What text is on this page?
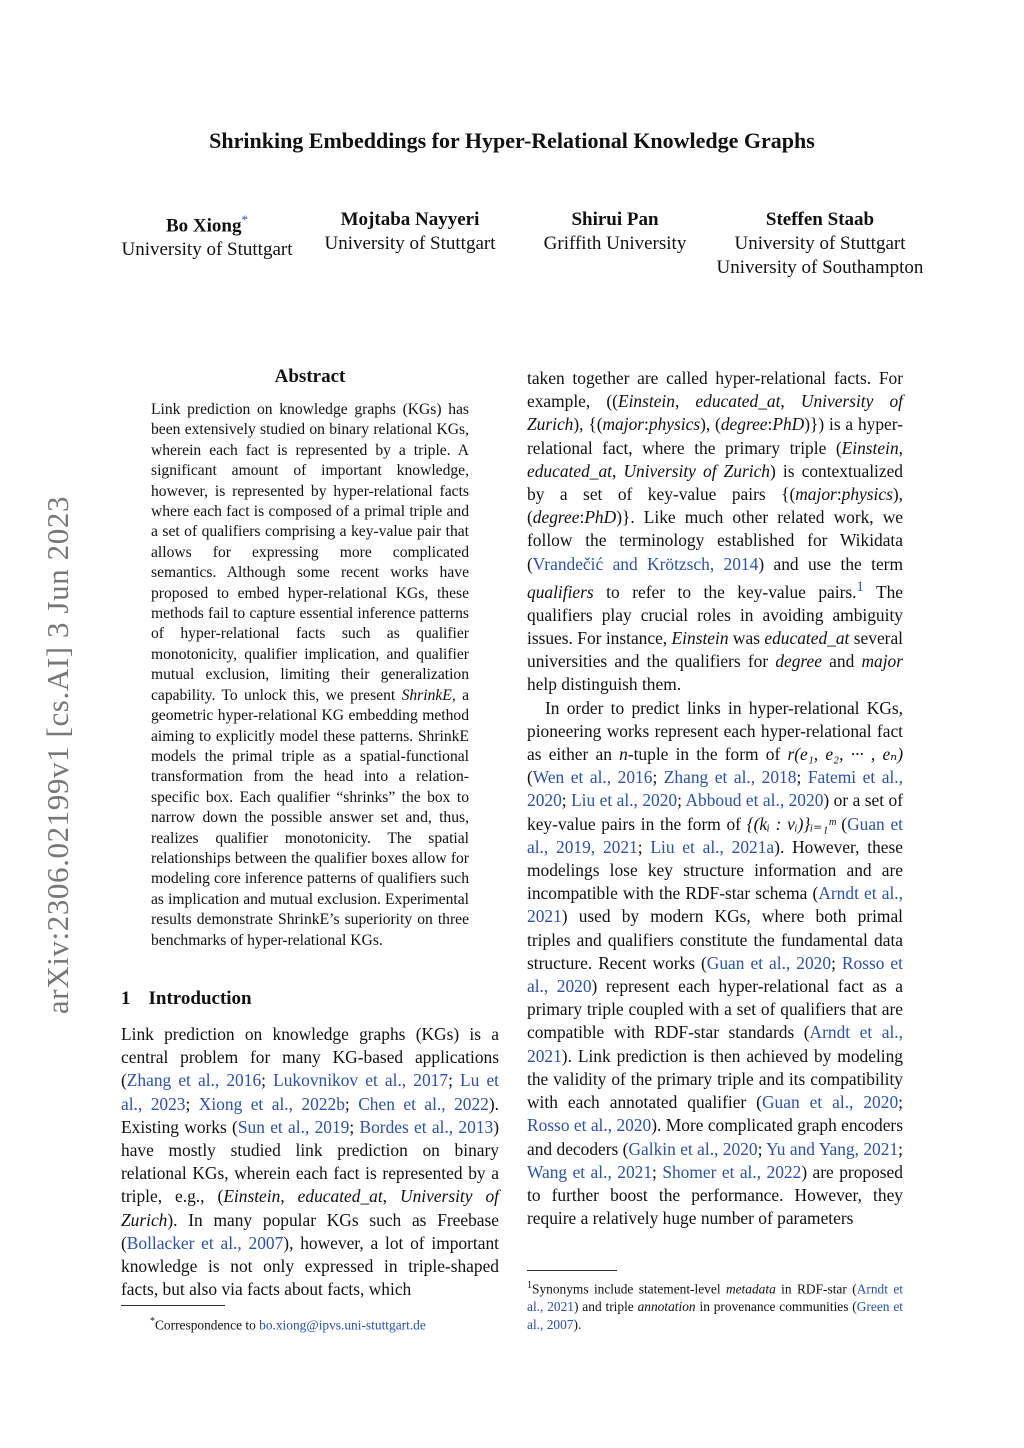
Shrinking Embeddings for Hyper-Relational Knowledge Graphs
Bo Xiong*
University of Stuttgart
Mojtaba Nayyeri
University of Stuttgart
Shirui Pan
Griffith University
Steffen Staab
University of Stuttgart
University of Southampton
arXiv:2306.02199v1 [cs.AI] 3 Jun 2023
Abstract
Link prediction on knowledge graphs (KGs) has been extensively studied on binary relational KGs, wherein each fact is represented by a triple. A significant amount of important knowledge, however, is represented by hyper-relational facts where each fact is composed of a primal triple and a set of qualifiers comprising a key-value pair that allows for expressing more complicated semantics. Although some recent works have proposed to embed hyper-relational KGs, these methods fail to capture essential inference patterns of hyper-relational facts such as qualifier monotonicity, qualifier implication, and qualifier mutual exclusion, limiting their generalization capability. To unlock this, we present ShrinkE, a geometric hyper-relational KG embedding method aiming to explicitly model these patterns. ShrinkE models the primal triple as a spatial-functional transformation from the head into a relation-specific box. Each qualifier “shrinks” the box to narrow down the possible answer set and, thus, realizes qualifier monotonicity. The spatial relationships between the qualifier boxes allow for modeling core inference patterns of qualifiers such as implication and mutual exclusion. Experimental results demonstrate ShrinkE’s superiority on three benchmarks of hyper-relational KGs.
1 Introduction

Link prediction on knowledge graphs (KGs) is a central problem for many KG-based applications (Zhang et al., 2016; Lukovnikov et al., 2017; Lu et al., 2023; Xiong et al., 2022b; Chen et al., 2022). Existing works (Sun et al., 2019; Bordes et al., 2013) have mostly studied link prediction on binary relational KGs, wherein each fact is represented by a triple, e.g., (Einstein, educated_at, University of Zurich). In many popular KGs such as Freebase (Bollacker et al., 2007), however, a lot of important knowledge is not only expressed in triple-shaped facts, but also via facts about facts, which

taken together are called hyper-relational facts. For example, ((Einstein, educated_at, University of Zurich), {(major:physics), (degree:PhD)}) is a hyper-relational fact, where the primary triple (Einstein, educated_at, University of Zurich) is contextualized by a set of key-value pairs {(major:physics),(degree:PhD)}. Like much other related work, we follow the terminology established for Wikidata (Vrandečić and Krötzsch, 2014) and use the term qualifiers to refer to the key-value pairs.$^1$ The qualifiers play crucial roles in avoiding ambiguity issues. For instance, Einstein was educated_at several universities and the qualifiers for degree and major help distinguish them.

In order to predict links in hyper-relational KGs, pioneering works represent each hyper-relational fact as either an n-tuple in the form of r(e₁, e₂, ··· , eₙ) (Wen et al., 2016; Zhang et al., 2018; Fatemi et al., 2020; Liu et al., 2020; Abboud et al., 2020) or a set of key-value pairs in the form of {(kᵢ : vᵢ)}ᵢ₌₁ᵐ (Guan et al., 2019, 2021; Liu et al., 2021a). However, these modelings lose key structure information and are incompatible with the RDF-star schema (Arndt et al., 2021) used by modern KGs, where both primal triples and qualifiers constitute the fundamental data structure. Recent works (Guan et al., 2020; Rosso et al., 2020) represent each hyper-relational fact as a primary triple coupled with a set of qualifiers that are compatible with RDF-star standards (Arndt et al., 2021). Link prediction is then achieved by modeling the validity of the primary triple and its compatibility with each annotated qualifier (Guan et al., 2020; Rosso et al., 2020). More complicated graph encoders and decoders (Galkin et al., 2020; Yu and Yang, 2021; Wang et al., 2021; Shomer et al., 2022) are proposed to further boost the performance. However, they require a relatively huge number of parameters

*Correspondence to bo.xiong@ipvs.uni-stuttgart.de
$^1$Synonyms include statement-level metadata in RDF-star (Arndt et al., 2021) and triple annotation in provenance communities (Green et al., 2007).
